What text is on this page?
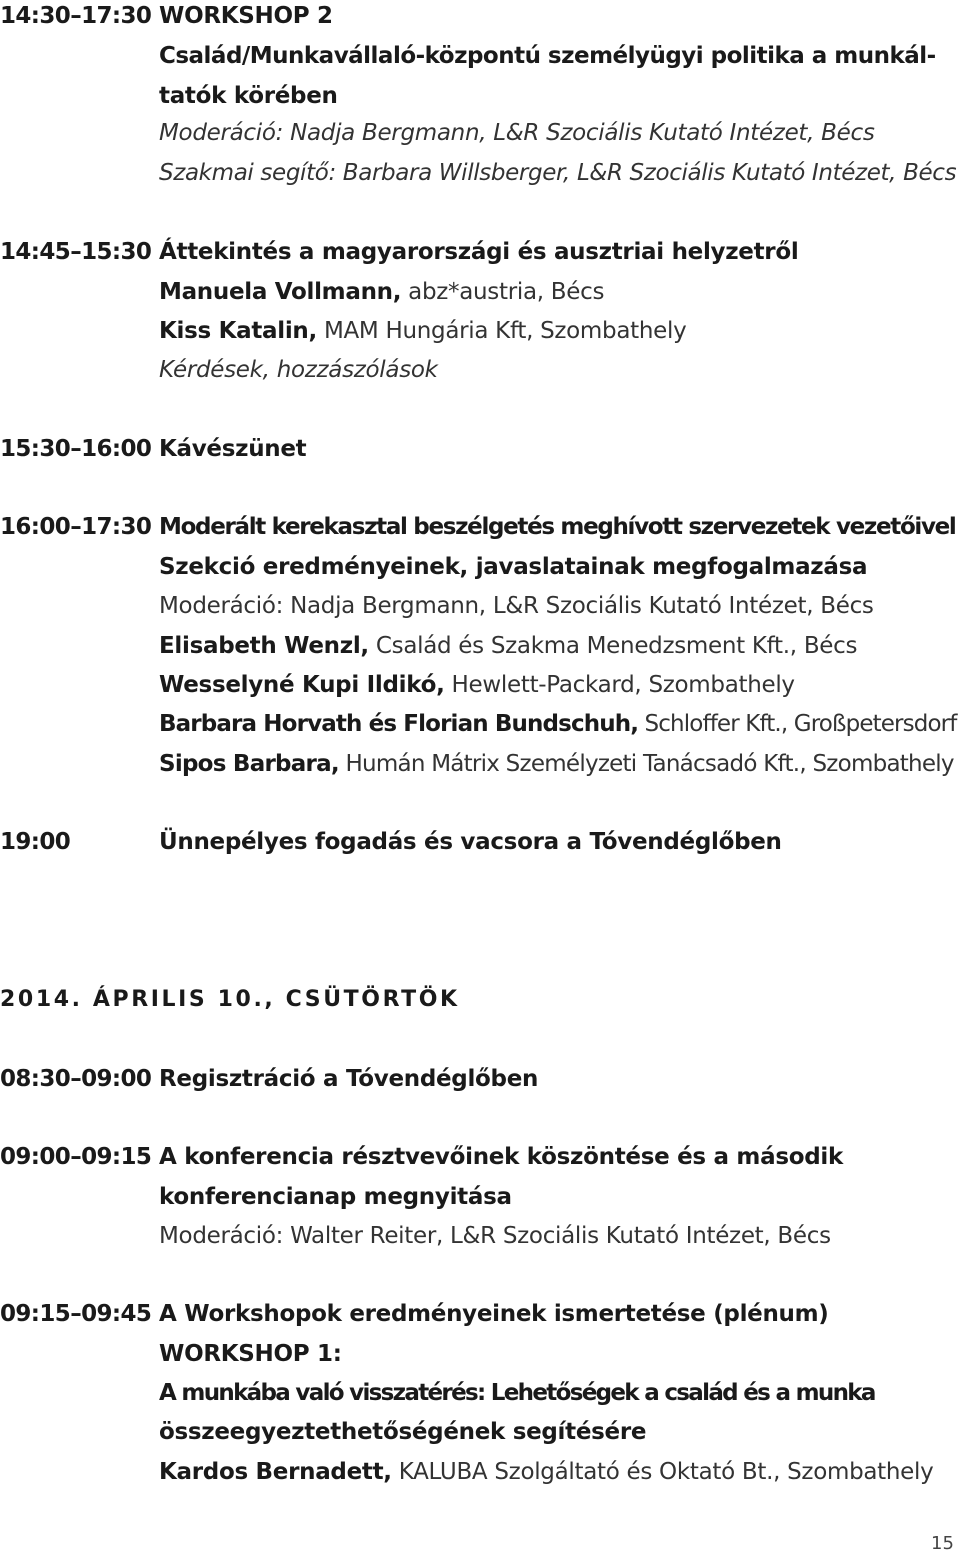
14:30–17:30 WORKSHOP 2
Család/Munkavállaló-központú személyügyi politika a munkál-
tatók körében
Moderáció: Nadja Bergmann, L&R Szociális Kutató Intézet, Bécs
Szakmai segítő: Barbara Willsberger, L&R Szociális Kutató Intézet, Bécs
14:45–15:30 Áttekintés a magyarországi és ausztriai helyzetről
Manuela Vollmann, abz*austria, Bécs
Kiss Katalin, MAM Hungária Kft, Szombathely
Kérdések, hozzászólások
15:30–16:00 Kávészünet
16:00–17:30 Moderált kerekasztal beszélgetés meghívott szervezetek vezetőivel
Szekció eredményeinek, javaslatainak megfogalmazása
Moderáció: Nadja Bergmann, L&R Szociális Kutató Intézet, Bécs
Elisabeth Wenzl, Család és Szakma Menedzsment Kft., Bécs
Wesselyné Kupi Ildikó, Hewlett-Packard, Szombathely
Barbara Horvath és Florian Bundschuh, Schloffer Kft., Großpetersdorf
Sipos Barbara, Humán Mátrix Személyzeti Tanácsadó Kft., Szombathely
19:00	Ünnepélyes fogadás és vacsora a Tóvendéglőben
2014. ÁPRILIS 10., CSÜTÖRTÖK
08:30–09:00 Regisztráció a Tóvendéglőben
09:00–09:15 A konferencia résztvevőinek köszöntése és a második
konferencianap megnyitása
Moderáció: Walter Reiter, L&R Szociális Kutató Intézet, Bécs
09:15–09:45 A Workshopok eredményeinek ismertetése (plénum)
WORKSHOP 1:
A munkába való visszatérés: Lehetőségek a család és a munka
összeegyeztethetőségének segítésére
Kardos Bernadett, KALUBA Szolgáltató és Oktató Bt., Szombathely
15
